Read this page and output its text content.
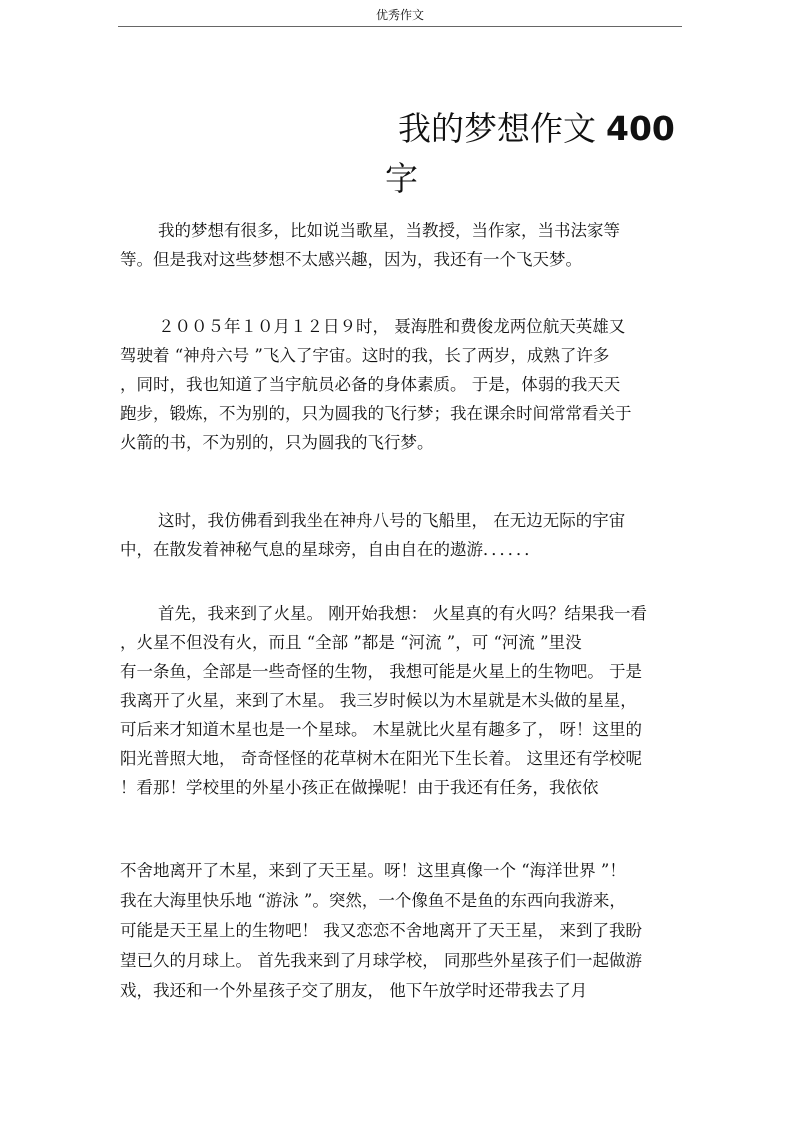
优秀作文
我的梦想作文 400
字
我的梦想有很多，比如说当歌星，当教授，当作家，当书法家等
等。但是我对这些梦想不太感兴趣，因为，我还有一个飞天梦。
２００５年１０月１２日９时， 聂海胜和费俊龙两位航天英雄又
驾驶着 “神舟六号 ”飞入了宇宙。这时的我，长了两岁，成熟了许多
，同时，我也知道了当宇航员必备的身体素质。 于是，体弱的我天天
跑步，锻炼，不为别的，只为圆我的飞行梦；我在课余时间常常看关于
火箭的书，不为别的，只为圆我的飞行梦。
这时，我仿佛看到我坐在神舟八号的飞船里， 在无边无际的宇宙
中，在散发着神秘气息的星球旁，自由自在的遨游．．．．．．
首先，我来到了火星。 刚开始我想： 火星真的有火吗？结果我一看
，火星不但没有火，而且 “全部 ”都是 “河流 ”，可 “河流 ”里没
有一条鱼，全部是一些奇怪的生物， 我想可能是火星上的生物吧。 于是
我离开了火星，来到了木星。 我三岁时候以为木星就是木头做的星星，
可后来才知道木星也是一个星球。 木星就比火星有趣多了， 呀！这里的
阳光普照大地， 奇奇怪怪的花草树木在阳光下生长着。 这里还有学校呢
！看那！学校里的外星小孩正在做操呢！由于我还有任务，我依依
不舍地离开了木星，来到了天王星。呀！这里真像一个 “海洋世界 ”！
我在大海里快乐地 “游泳 ”。突然，一个像鱼不是鱼的东西向我游来，
可能是天王星上的生物吧！ 我又恋恋不舍地离开了天王星， 来到了我盼
望已久的月球上。 首先我来到了月球学校， 同那些外星孩子们一起做游
戏，我还和一个外星孩子交了朋友， 他下午放学时还带我去了月
